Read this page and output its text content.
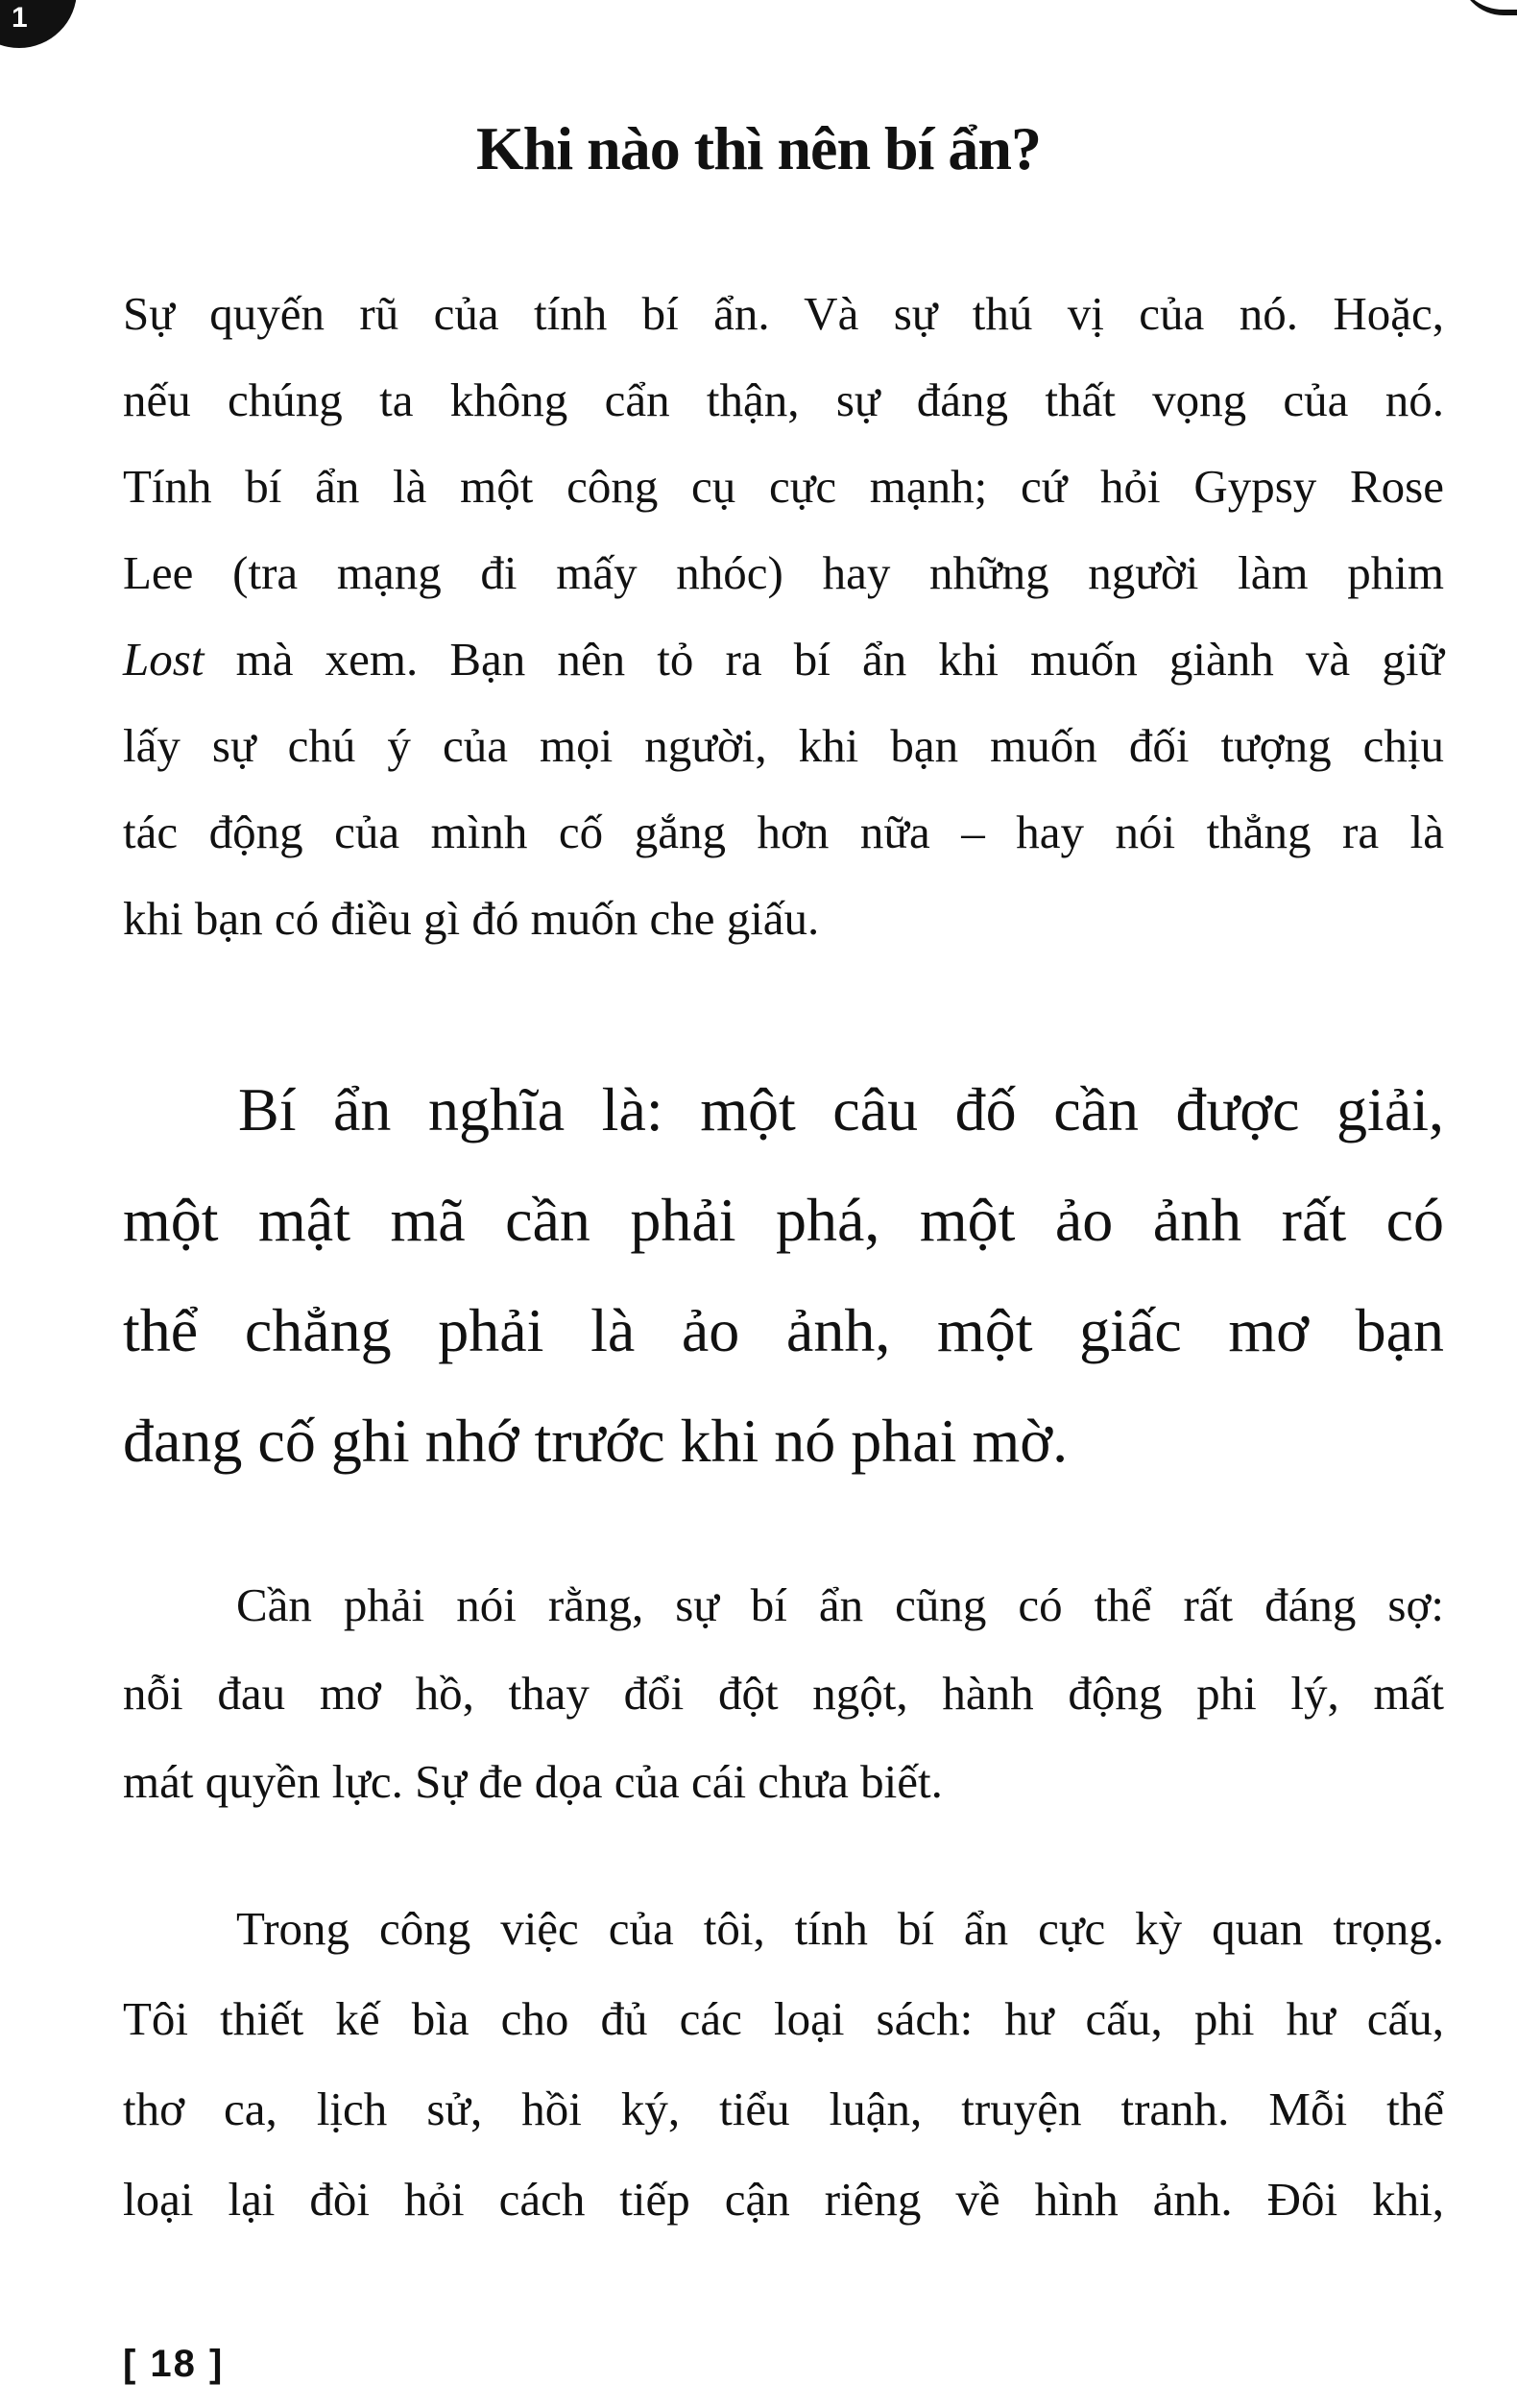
1
Khi nào thì nên bí ẩn?
Sự quyến rũ của tính bí ẩn. Và sự thú vị của nó. Hoặc,
nếu chúng ta không cẩn thận, sự đáng thất vọng của nó.
Tính bí ẩn là một công cụ cực mạnh; cứ hỏi Gypsy Rose
Lee (tra mạng đi mấy nhóc) hay những người làm phim
Lost mà xem. Bạn nên tỏ ra bí ẩn khi muốn giành và giữ
lấy sự chú ý của mọi người, khi bạn muốn đối tượng chịu
tác động của mình cố gắng hơn nữa – hay nói thẳng ra là
khi bạn có điều gì đó muốn che giấu.
Bí ẩn nghĩa là: một câu đố cần được giải,
một mật mã cần phải phá, một ảo ảnh rất có
thể chẳng phải là ảo ảnh, một giấc mơ bạn
đang cố ghi nhớ trước khi nó phai mờ.
Cần phải nói rằng, sự bí ẩn cũng có thể rất đáng sợ:
nỗi đau mơ hồ, thay đổi đột ngột, hành động phi lý, mất
mát quyền lực. Sự đe dọa của cái chưa biết.
Trong công việc của tôi, tính bí ẩn cực kỳ quan trọng.
Tôi thiết kế bìa cho đủ các loại sách: hư cấu, phi hư cấu,
thơ ca, lịch sử, hồi ký, tiểu luận, truyện tranh. Mỗi thể
loại lại đòi hỏi cách tiếp cận riêng về hình ảnh. Đôi khi,
[ 18 ]
